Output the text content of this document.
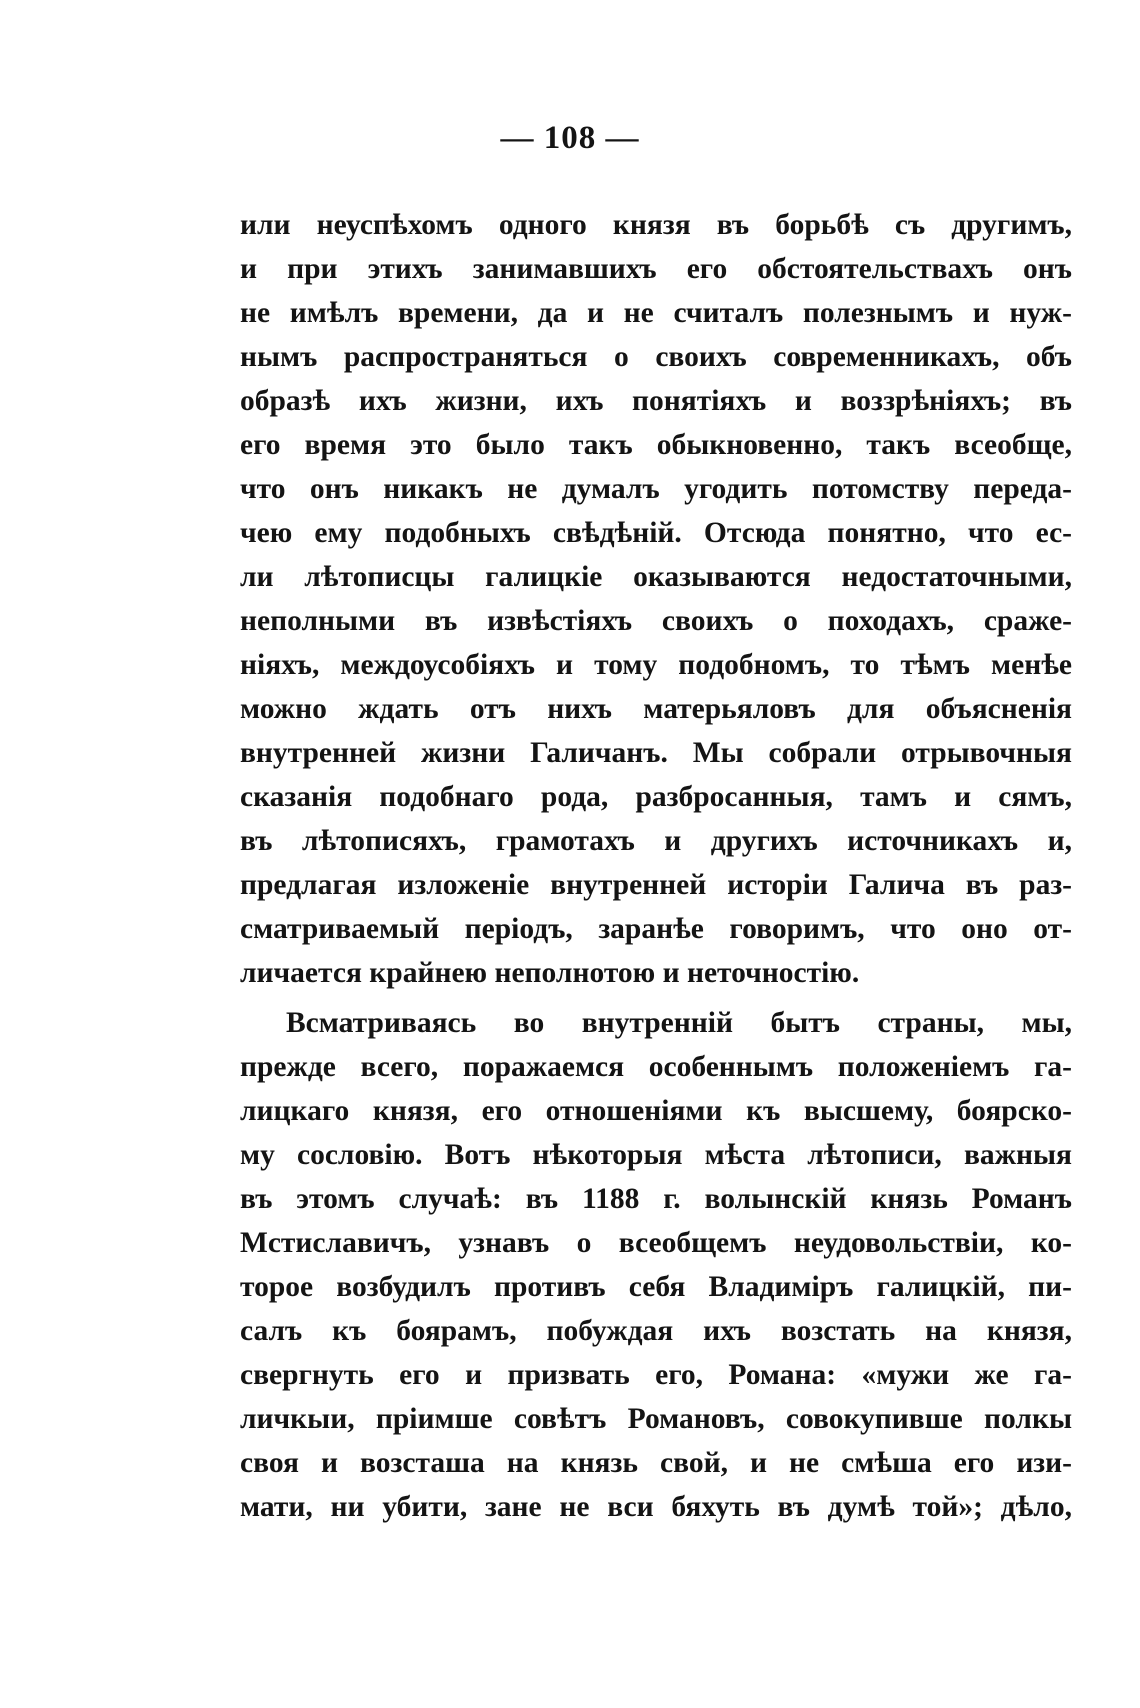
— 108 —
или неуспѣхомъ одного князя въ борьбѣ съ другимъ,
и при этихъ занимавшихъ его обстоятельствахъ онъ
не имѣлъ времени, да и не считалъ полезнымъ и нуж-
нымъ распространяться о своихъ современникахъ, объ
образѣ ихъ жизни, ихъ понятіяхъ и воззрѣніяхъ; въ
его время это было такъ обыкновенно, такъ всеобще,
что онъ никакъ не думалъ угодить потомству переда-
чею ему подобныхъ свѣдѣній. Отсюда понятно, что ес-
ли лѣтописцы галицкіе оказываются недостаточными,
неполными въ извѣстіяхъ своихъ о походахъ, сраже-
ніяхъ, междоусобіяхъ и тому подобномъ, то тѣмъ менѣе
можно ждать отъ нихъ матерьяловъ для объясненія
внутренней жизни Галичанъ. Мы собрали отрывочныя
сказанія подобнаго рода, разбросанныя, тамъ и сямъ,
въ лѣтописяхъ, грамотахъ и другихъ источникахъ и,
предлагая изложеніе внутренней исторіи Галича въ раз-
сматриваемый періодъ, заранѣе говоримъ, что оно от-
личается крайнею неполнотою и неточностію.
Всматриваясь во внутренній бытъ страны, мы,
прежде всего, поражаемся особеннымъ положеніемъ га-
лицкаго князя, его отношеніями къ высшему, боярско-
му сословію. Вотъ нѣкоторыя мѣста лѣтописи, важныя
въ этомъ случаѣ: въ 1188 г. волынскій князь Романъ
Мстиславичъ, узнавъ о всеобщемъ неудовольствіи, ко-
торое возбудилъ противъ себя Владиміръ галицкій, пи-
салъ къ боярамъ, побуждая ихъ возстать на князя,
свергнуть его и призвать его, Романа: «мужи же га-
личкыи, пріимше совѣтъ Романовъ, совокупивше полкы
своя и возсташа на князь свой, и не смѣша его изи-
мати, ни убити, зане не вси бяхуть въ думѣ той»; дѣло,
